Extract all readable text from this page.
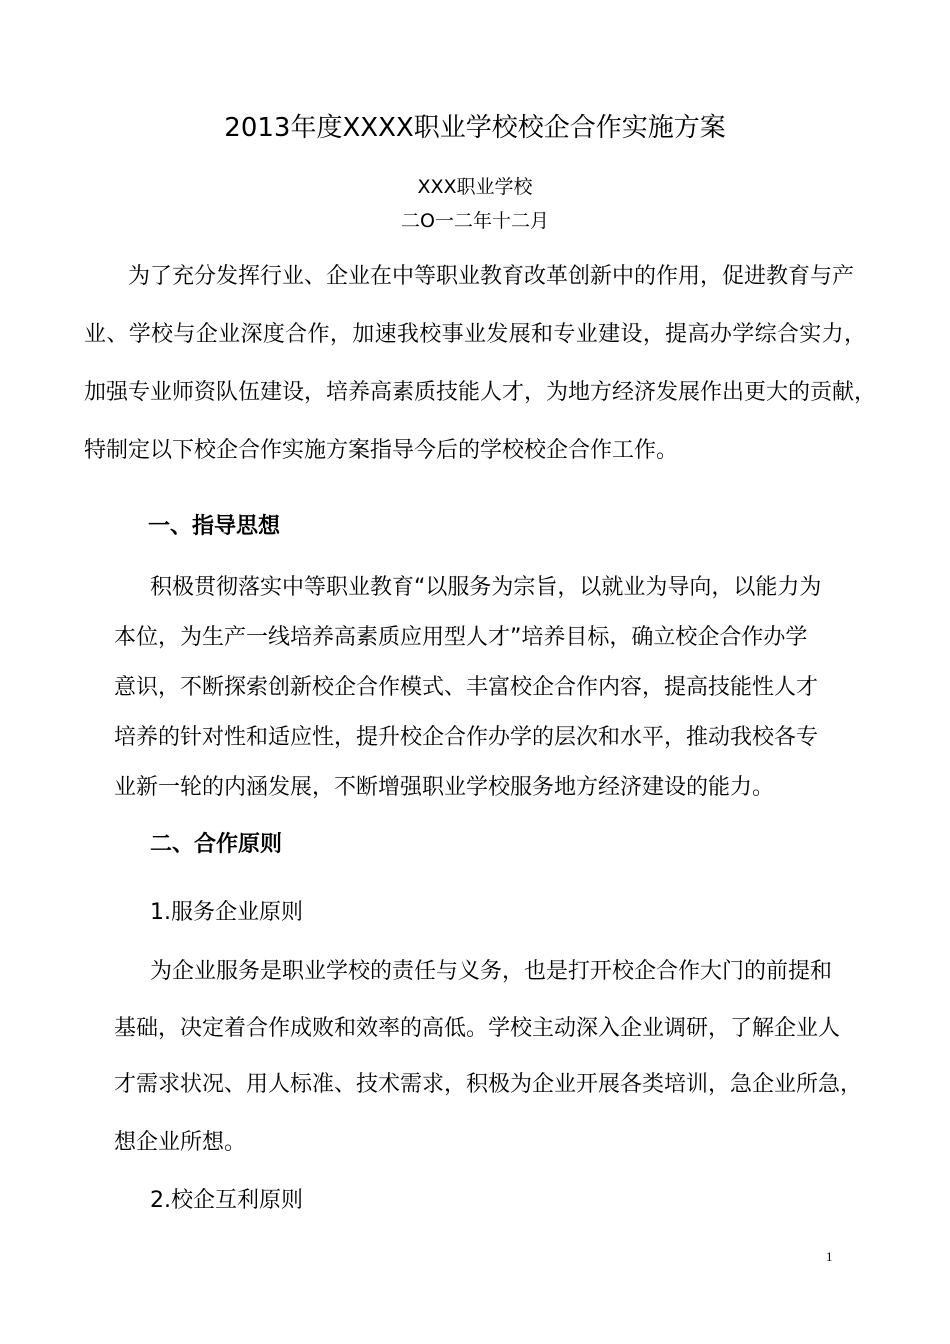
2013年度XXXX职业学校校企合作实施方案
XXX职业学校
二O一二年十二月
为了充分发挥行业、企业在中等职业教育改革创新中的作用，促进教育与产
业、学校与企业深度合作，加速我校事业发展和专业建设，提高办学综合实力，
加强专业师资队伍建设，培养高素质技能人才，为地方经济发展作出更大的贡献，
特制定以下校企合作实施方案指导今后的学校校企合作工作。
一、指导思想
积极贯彻落实中等职业教育“以服务为宗旨，以就业为导向，以能力为
本位，为生产一线培养高素质应用型人才”培养目标，确立校企合作办学
意识，不断探索创新校企合作模式、丰富校企合作内容，提高技能性人才
培养的针对性和适应性，提升校企合作办学的层次和水平，推动我校各专
业新一轮的内涵发展，不断增强职业学校服务地方经济建设的能力。
二、合作原则
1.服务企业原则
为企业服务是职业学校的责任与义务，也是打开校企合作大门的前提和
基础，决定着合作成败和效率的高低。学校主动深入企业调研，了解企业人
才需求状况、用人标准、技术需求，积极为企业开展各类培训，急企业所急，
想企业所想。
2.校企互利原则
1
